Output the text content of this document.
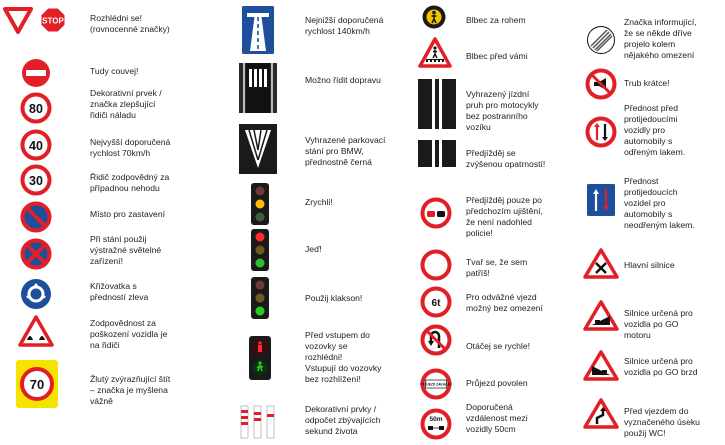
STOP	Rozhlédni se!
(rovnocenné značky)
Tudy couvej!
80
Dekorativní prvek /
značka zlepšující
řidiči náladu
40	Nejvyšší doporučená
rychlost 70km/h
30	Řidič zodpovědný za
případnou nehodu
Místo pro zastavení
Při stání použij
výstražné světelné
zařízení!
Křižovatka s
předností zleva
Zodpovědnost za
poškození vozidla je
na řidiči
70	Žlutý zvýrazňující štít
– značka je myšlena
vážně
Nejnižší doporučená
rychlost 140km/h
Možno řídit dopravu
Vyhrazené parkovací
stání pro BMW,
přednostně černá
Zrychli!
Jeď!
Použij klakson!
Před vstupem do
vozovky se
rozhlédni!
Vstupují do vozovky
bez rozhlížení!
Dekorativní prvky /
odpočet zbývajících
sekund života
Blbec za rohem
Blbec před vámi
Vyhrazený jízdní
pruh pro motocykly
bez postranního
vozíku
Předjížděj se
zvýšenou opatrností!
Předjížděj pouze po
předchozím ujištění,
že není nadohled
policie!
Tvař se, že sem
patříš!
6t
Pro odvážné vjezd
možný bez omezení
Otáčej se rychle!
PRŮJEZD ZAKÁZÁN Průjezd povolen
50m
Doporučená
vzdálenost mezi
vozidly 50cm
Značka informující,
že se někde dříve
projelo kolem
nějakého omezení
Trub krátce!
Přednost před
protijedoucími
vozidly pro
automobily s
odřeným lakem.
Přednost
protijedoucích
vozidel pro
automobily s
neodřeným lakem.
Hlavní silnice
Silnice určená pro
vozidla po GO
motoru
Silnice určená pro
vozidla po GO brzd
Před vjezdem do
vyznačeného úseku
použij WC!
